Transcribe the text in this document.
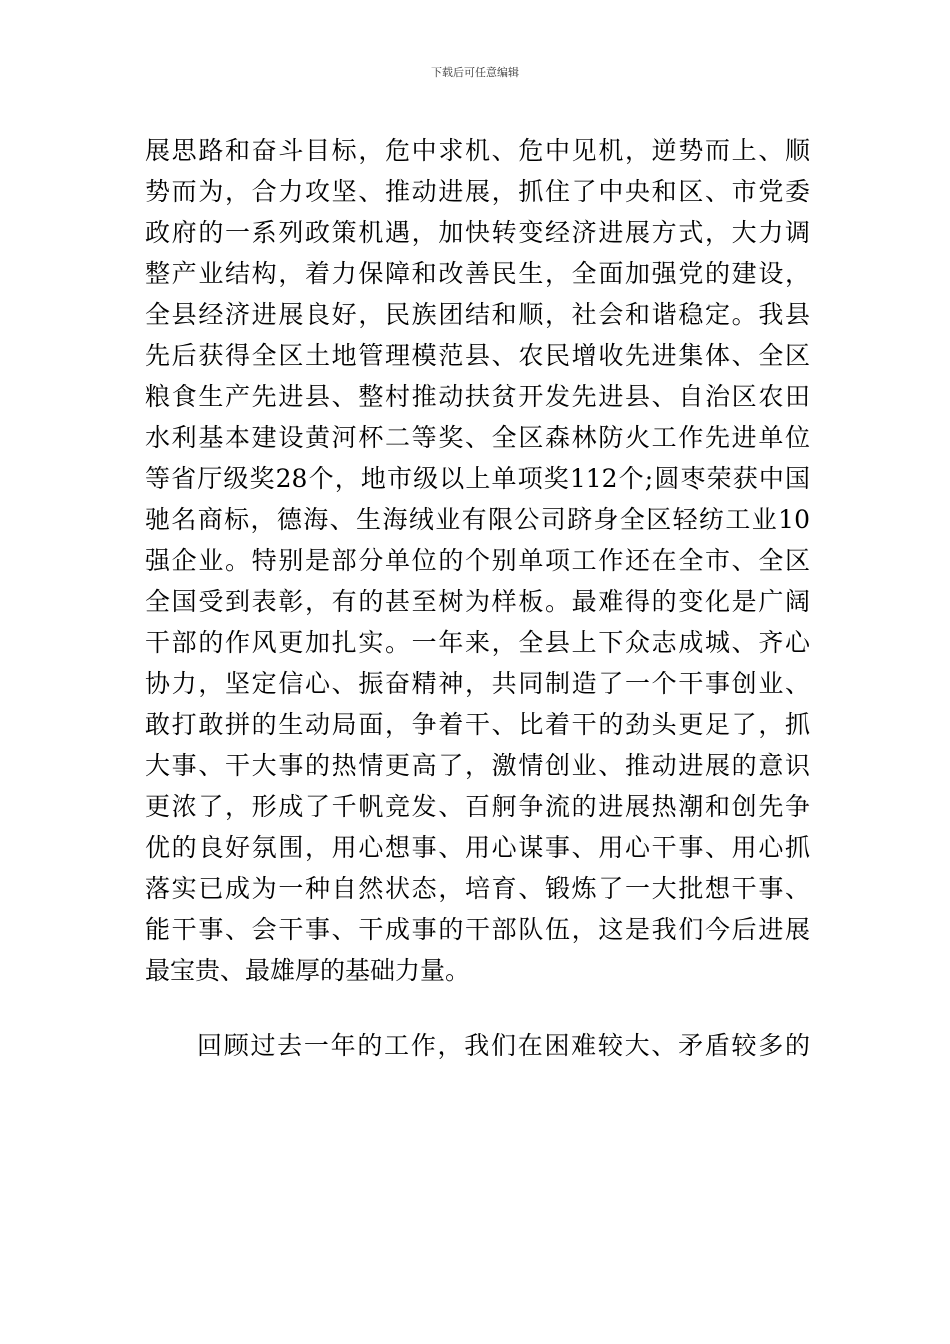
下载后可任意编辑
展思路和奋斗目标，危中求机、危中见机，逆势而上、顺
势而为，合力攻坚、推动进展，抓住了中央和区、市党委
政府的一系列政策机遇，加快转变经济进展方式，大力调
整产业结构，着力保障和改善民生，全面加强党的建设，
全县经济进展良好，民族团结和顺，社会和谐稳定。我县
先后获得全区土地管理模范县、农民增收先进集体、全区
粮食生产先进县、整村推动扶贫开发先进县、自治区农田
水利基本建设黄河杯二等奖、全区森林防火工作先进单位
等省厅级奖28个，地市级以上单项奖112个;圆枣荣获中国
驰名商标，德海、生海绒业有限公司跻身全区轻纺工业10
强企业。特别是部分单位的个别单项工作还在全市、全区
全国受到表彰，有的甚至树为样板。最难得的变化是广阔
干部的作风更加扎实。一年来，全县上下众志成城、齐心
协力，坚定信心、振奋精神，共同制造了一个干事创业、
敢打敢拼的生动局面，争着干、比着干的劲头更足了，抓
大事、干大事的热情更高了，激情创业、推动进展的意识
更浓了，形成了千帆竞发、百舸争流的进展热潮和创先争
优的良好氛围，用心想事、用心谋事、用心干事、用心抓
落实已成为一种自然状态，培育、锻炼了一大批想干事、
能干事、会干事、干成事的干部队伍，这是我们今后进展
最宝贵、最雄厚的基础力量。
回顾过去一年的工作，我们在困难较大、矛盾较多的
